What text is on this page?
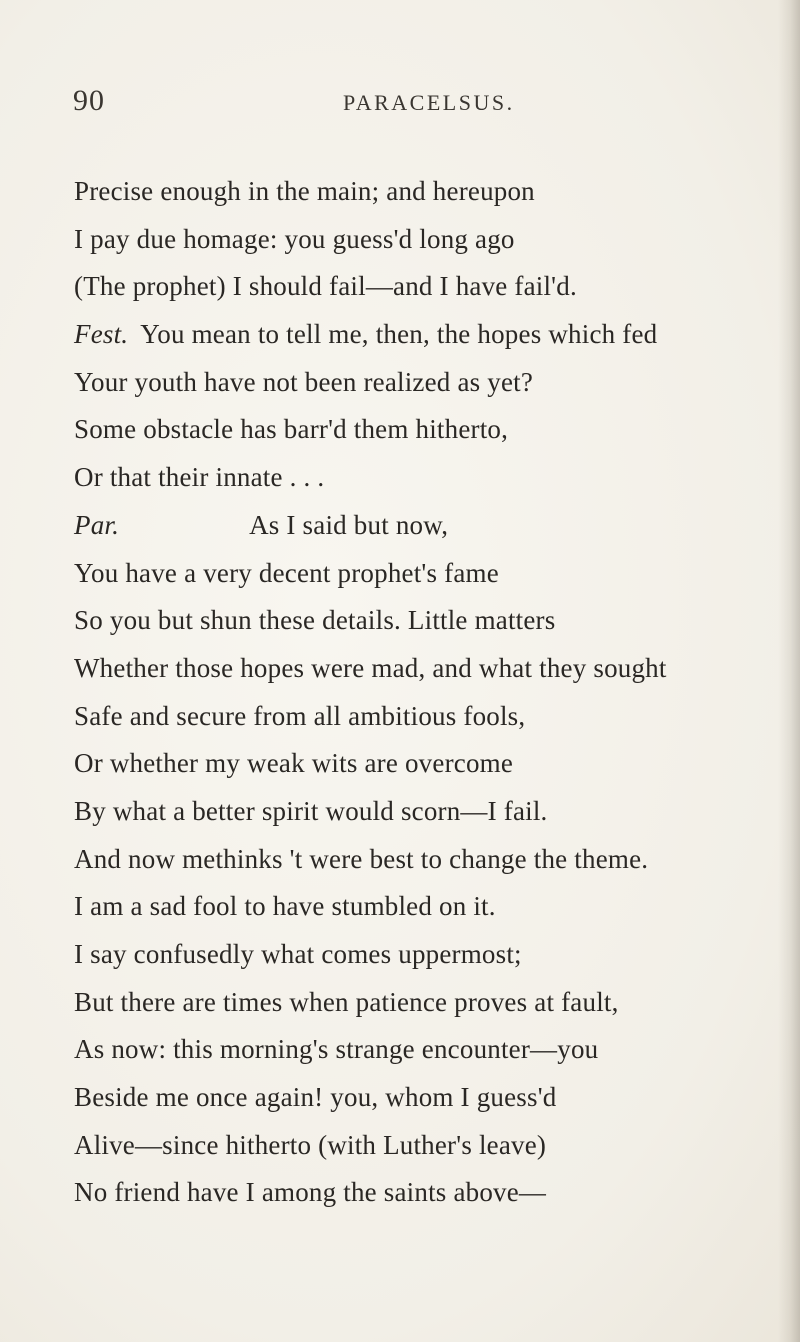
90	PARACELSUS.
Precise enough in the main; and hereupon
I pay due homage: you guess'd long ago
(The prophet) I should fail—and I have fail'd.
Fest. You mean to tell me, then, the hopes which fed
Your youth have not been realized as yet?
Some obstacle has barr'd them hitherto,
Or that their innate . . .
Par.	As I said but now,
You have a very decent prophet's fame
So you but shun these details. Little matters
Whether those hopes were mad, and what they sought
Safe and secure from all ambitious fools,
Or whether my weak wits are overcome
By what a better spirit would scorn—I fail.
And now methinks 't were best to change the theme.
I am a sad fool to have stumbled on it.
I say confusedly what comes uppermost;
But there are times when patience proves at fault,
As now: this morning's strange encounter—you
Beside me once again! you, whom I guess'd
Alive—since hitherto (with Luther's leave)
No friend have I among the saints above—
